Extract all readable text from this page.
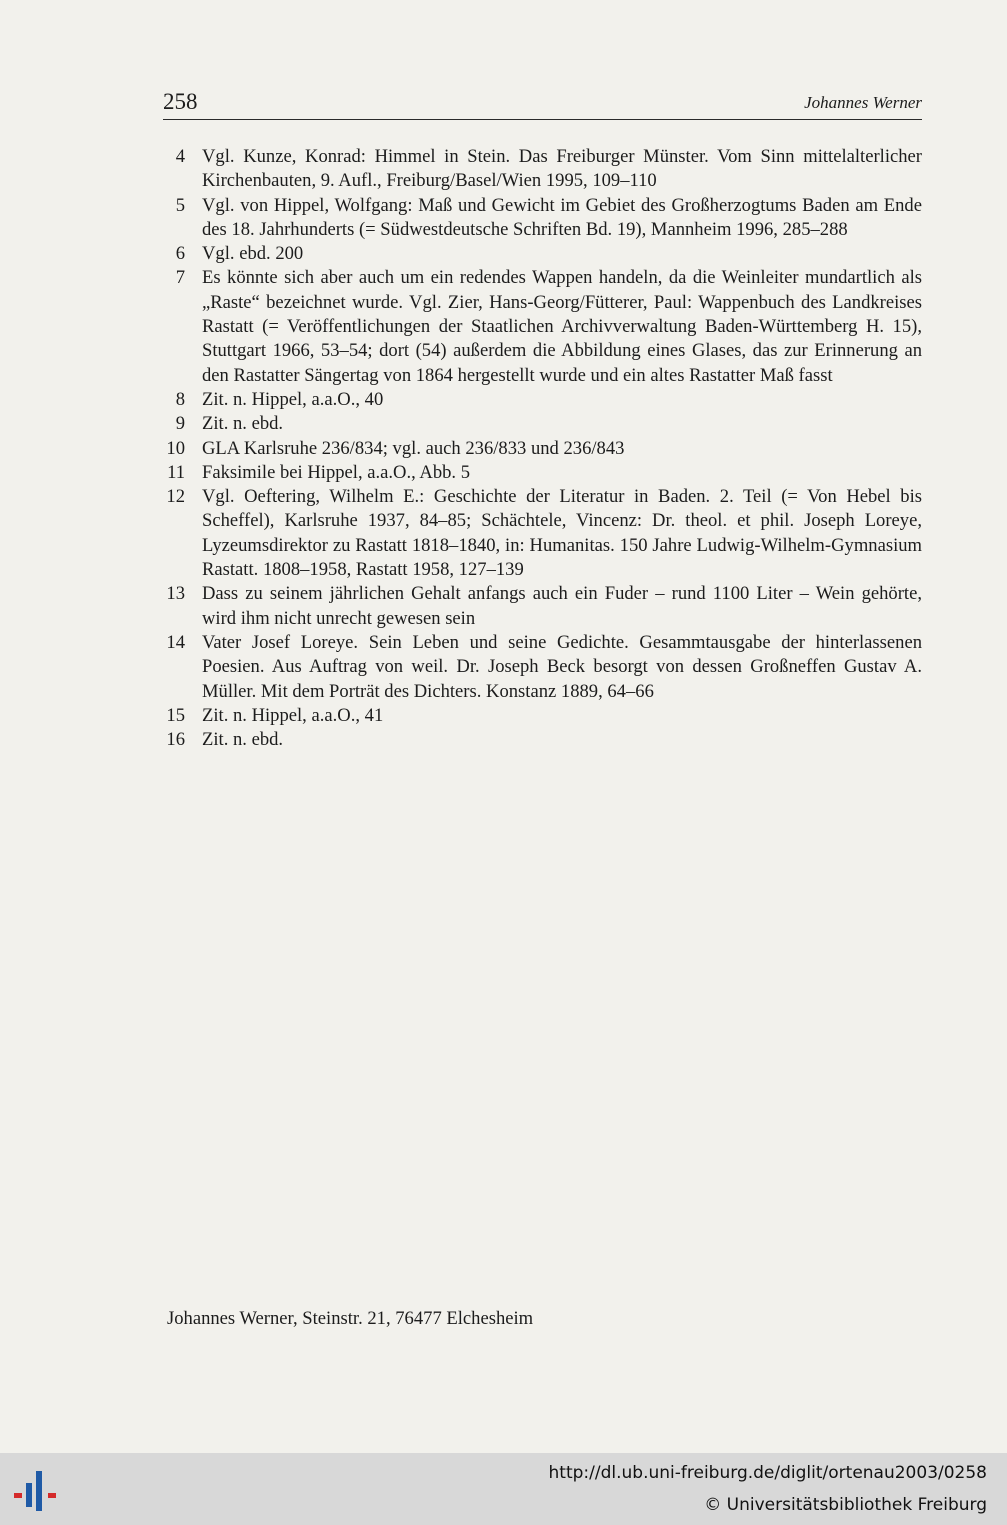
258	Johannes Werner
4 Vgl. Kunze, Konrad: Himmel in Stein. Das Freiburger Münster. Vom Sinn mittelalterlicher Kirchenbauten, 9. Aufl., Freiburg/Basel/Wien 1995, 109–110
5 Vgl. von Hippel, Wolfgang: Maß und Gewicht im Gebiet des Großherzogtums Baden am Ende des 18. Jahrhunderts (= Südwestdeutsche Schriften Bd. 19), Mannheim 1996, 285–288
6 Vgl. ebd. 200
7 Es könnte sich aber auch um ein redendes Wappen handeln, da die Weinleiter mundartlich als „Raste“ bezeichnet wurde. Vgl. Zier, Hans-Georg/Fütterer, Paul: Wappenbuch des Landkreises Rastatt (= Veröffentlichungen der Staatlichen Archivverwaltung Baden-Württemberg H. 15), Stuttgart 1966, 53–54; dort (54) außerdem die Abbildung eines Glases, das zur Erinnerung an den Rastatter Sängertag von 1864 hergestellt wurde und ein altes Rastatter Maß fasst
8 Zit. n. Hippel, a.a.O., 40
9 Zit. n. ebd.
10 GLA Karlsruhe 236/834; vgl. auch 236/833 und 236/843
11 Faksimile bei Hippel, a.a.O., Abb. 5
12 Vgl. Oeftering, Wilhelm E.: Geschichte der Literatur in Baden. 2. Teil (= Von Hebel bis Scheffel), Karlsruhe 1937, 84–85; Schächtele, Vincenz: Dr. theol. et phil. Joseph Loreye, Lyzeumsdirektor zu Rastatt 1818–1840, in: Humanitas. 150 Jahre Ludwig-Wilhelm-Gymnasium Rastatt. 1808–1958, Rastatt 1958, 127–139
13 Dass zu seinem jährlichen Gehalt anfangs auch ein Fuder – rund 1100 Liter – Wein gehörte, wird ihm nicht unrecht gewesen sein
14 Vater Josef Loreye. Sein Leben und seine Gedichte. Gesammtausgabe der hinterlassenen Poesien. Aus Auftrag von weil. Dr. Joseph Beck besorgt von dessen Großneffen Gustav A. Müller. Mit dem Porträt des Dichters. Konstanz 1889, 64–66
15 Zit. n. Hippel, a.a.O., 41
16 Zit. n. ebd.
Johannes Werner, Steinstr. 21, 76477 Elchesheim
http://dl.ub.uni-freiburg.de/diglit/ortenau2003/0258
© Universitätsbibliothek Freiburg
